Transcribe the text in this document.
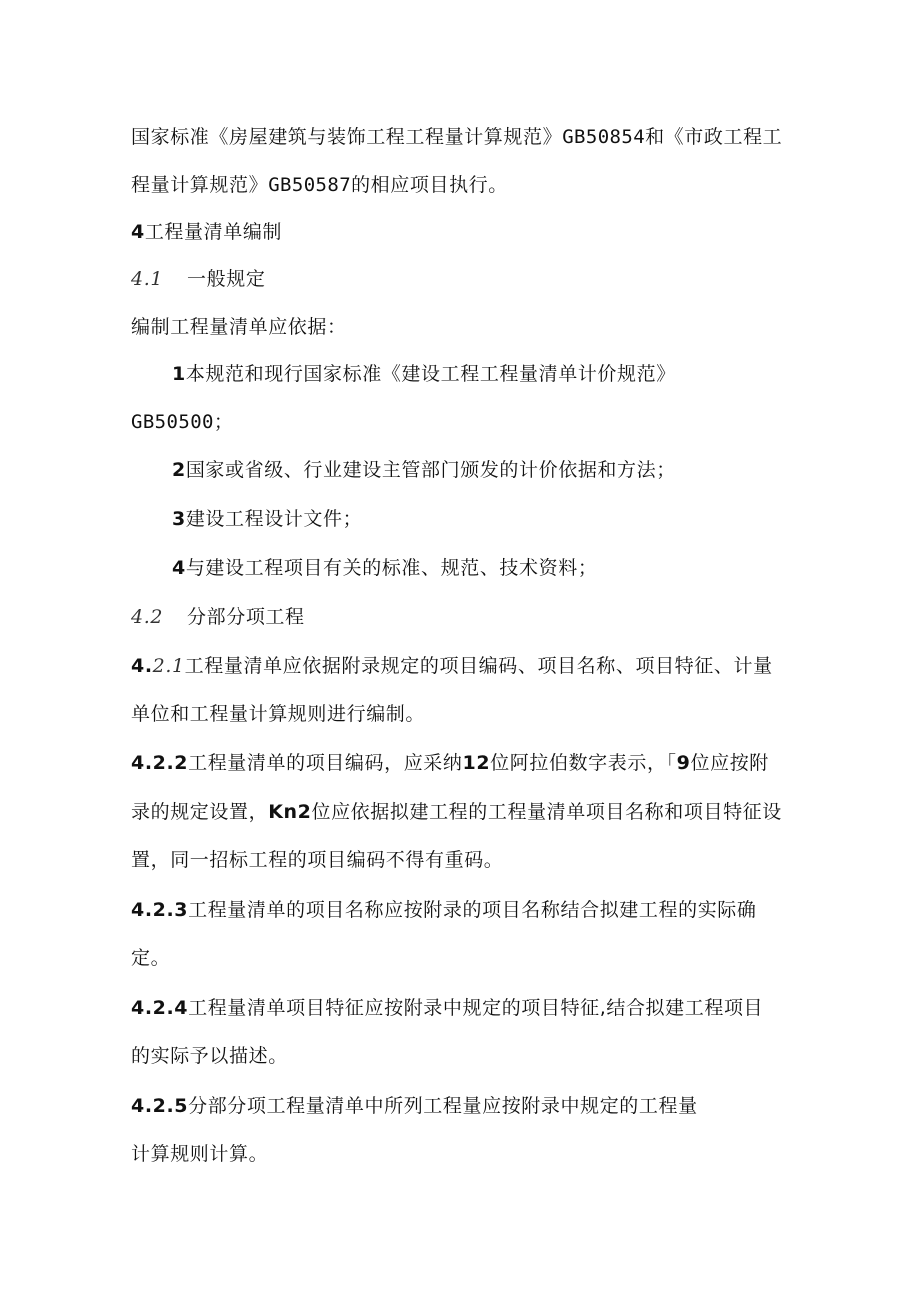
国家标准《房屋建筑与装饰工程工程量计算规范》GB50854和《市政工程工
程量计算规范》GB50587的相应项目执行。
4工程量清单编制
4.1 一般规定
编制工程量清单应依据：
1本规范和现行国家标准《建设工程工程量清单计价规范》
GB50500；
2国家或省级、行业建设主管部门颁发的计价依据和方法；
3建设工程设计文件；
4与建设工程项目有关的标准、规范、技术资料；
4.2 分部分项工程
4.2.1工程量清单应依据附录规定的项目编码、项目名称、项目特征、计量
单位和工程量计算规则进行编制。
4.2.2工程量清单的项目编码，应采纳12位阿拉伯数字表示，「9位应按附
录的规定设置，Kn2位应依据拟建工程的工程量清单项目名称和项目特征设
置，同一招标工程的项目编码不得有重码。
4.2.3工程量清单的项目名称应按附录的项目名称结合拟建工程的实际确
定。
4.2.4工程量清单项目特征应按附录中规定的项目特征,结合拟建工程项目
的实际予以描述。
4.2.5分部分项工程量清单中所列工程量应按附录中规定的工程量
计算规则计算。
